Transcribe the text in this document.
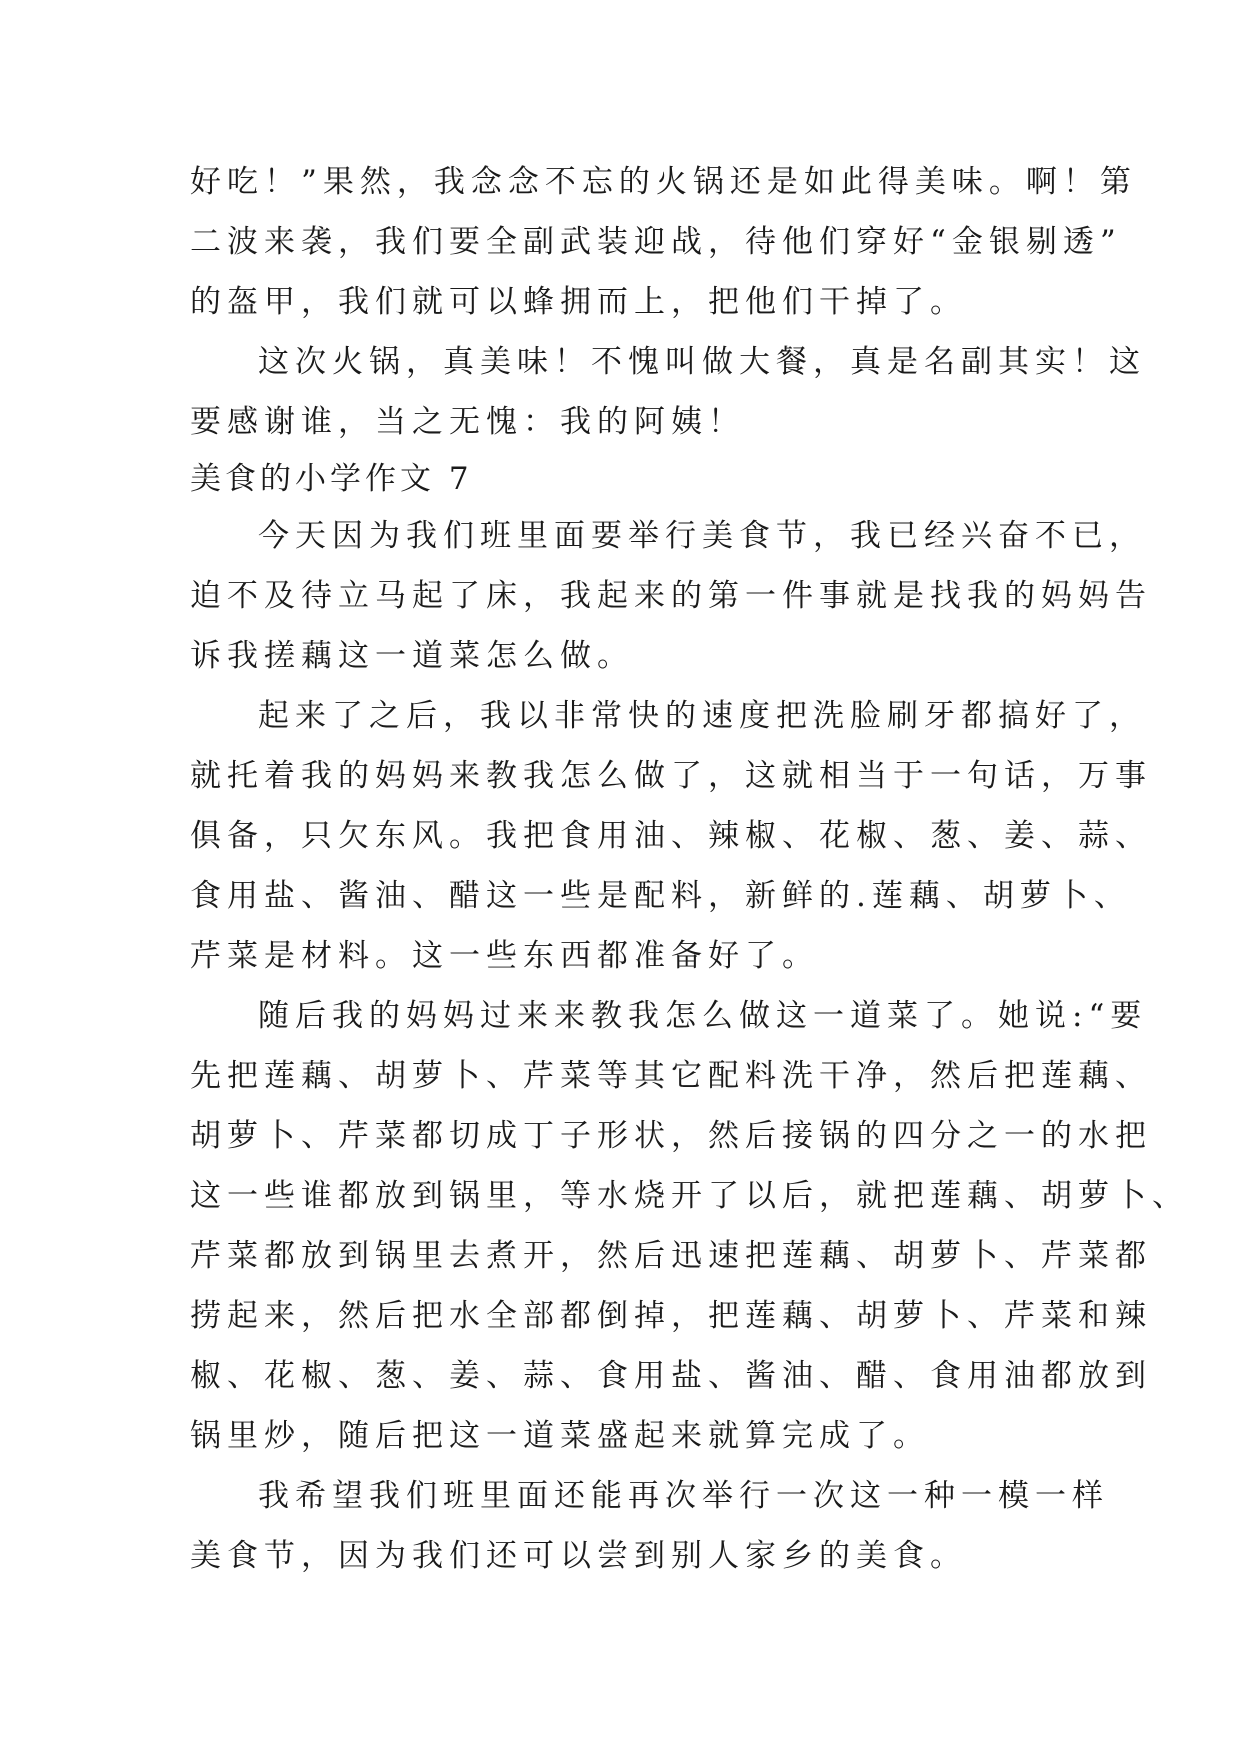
好吃！”果然，我念念不忘的火锅还是如此得美味。啊！第
二波来袭，我们要全副武装迎战，待他们穿好“金银剔透”
的盔甲，我们就可以蜂拥而上，把他们干掉了。
这次火锅，真美味！不愧叫做大餐，真是名副其实！这
要感谢谁，当之无愧：我的阿姨！
美食的小学作文 7
今天因为我们班里面要举行美食节，我已经兴奋不已，
迫不及待立马起了床，我起来的第一件事就是找我的妈妈告
诉我搓藕这一道菜怎么做。
起来了之后，我以非常快的速度把洗脸刷牙都搞好了，
就托着我的妈妈来教我怎么做了，这就相当于一句话，万事
俱备，只欠东风。我把食用油、辣椒、花椒、葱、姜、蒜、
食用盐、酱油、醋这一些是配料，新鲜的.莲藕、胡萝卜、
芹菜是材料。这一些东西都准备好了。
随后我的妈妈过来来教我怎么做这一道菜了。她说:“要
先把莲藕、胡萝卜、芹菜等其它配料洗干净，然后把莲藕、
胡萝卜、芹菜都切成丁子形状，然后接锅的四分之一的水把
这一些谁都放到锅里，等水烧开了以后，就把莲藕、胡萝卜、
芹菜都放到锅里去煮开，然后迅速把莲藕、胡萝卜、芹菜都
捞起来，然后把水全部都倒掉，把莲藕、胡萝卜、芹菜和辣
椒、花椒、葱、姜、蒜、食用盐、酱油、醋、食用油都放到
锅里炒，随后把这一道菜盛起来就算完成了。
我希望我们班里面还能再次举行一次这一种一模一样
美食节，因为我们还可以尝到别人家乡的美食。
